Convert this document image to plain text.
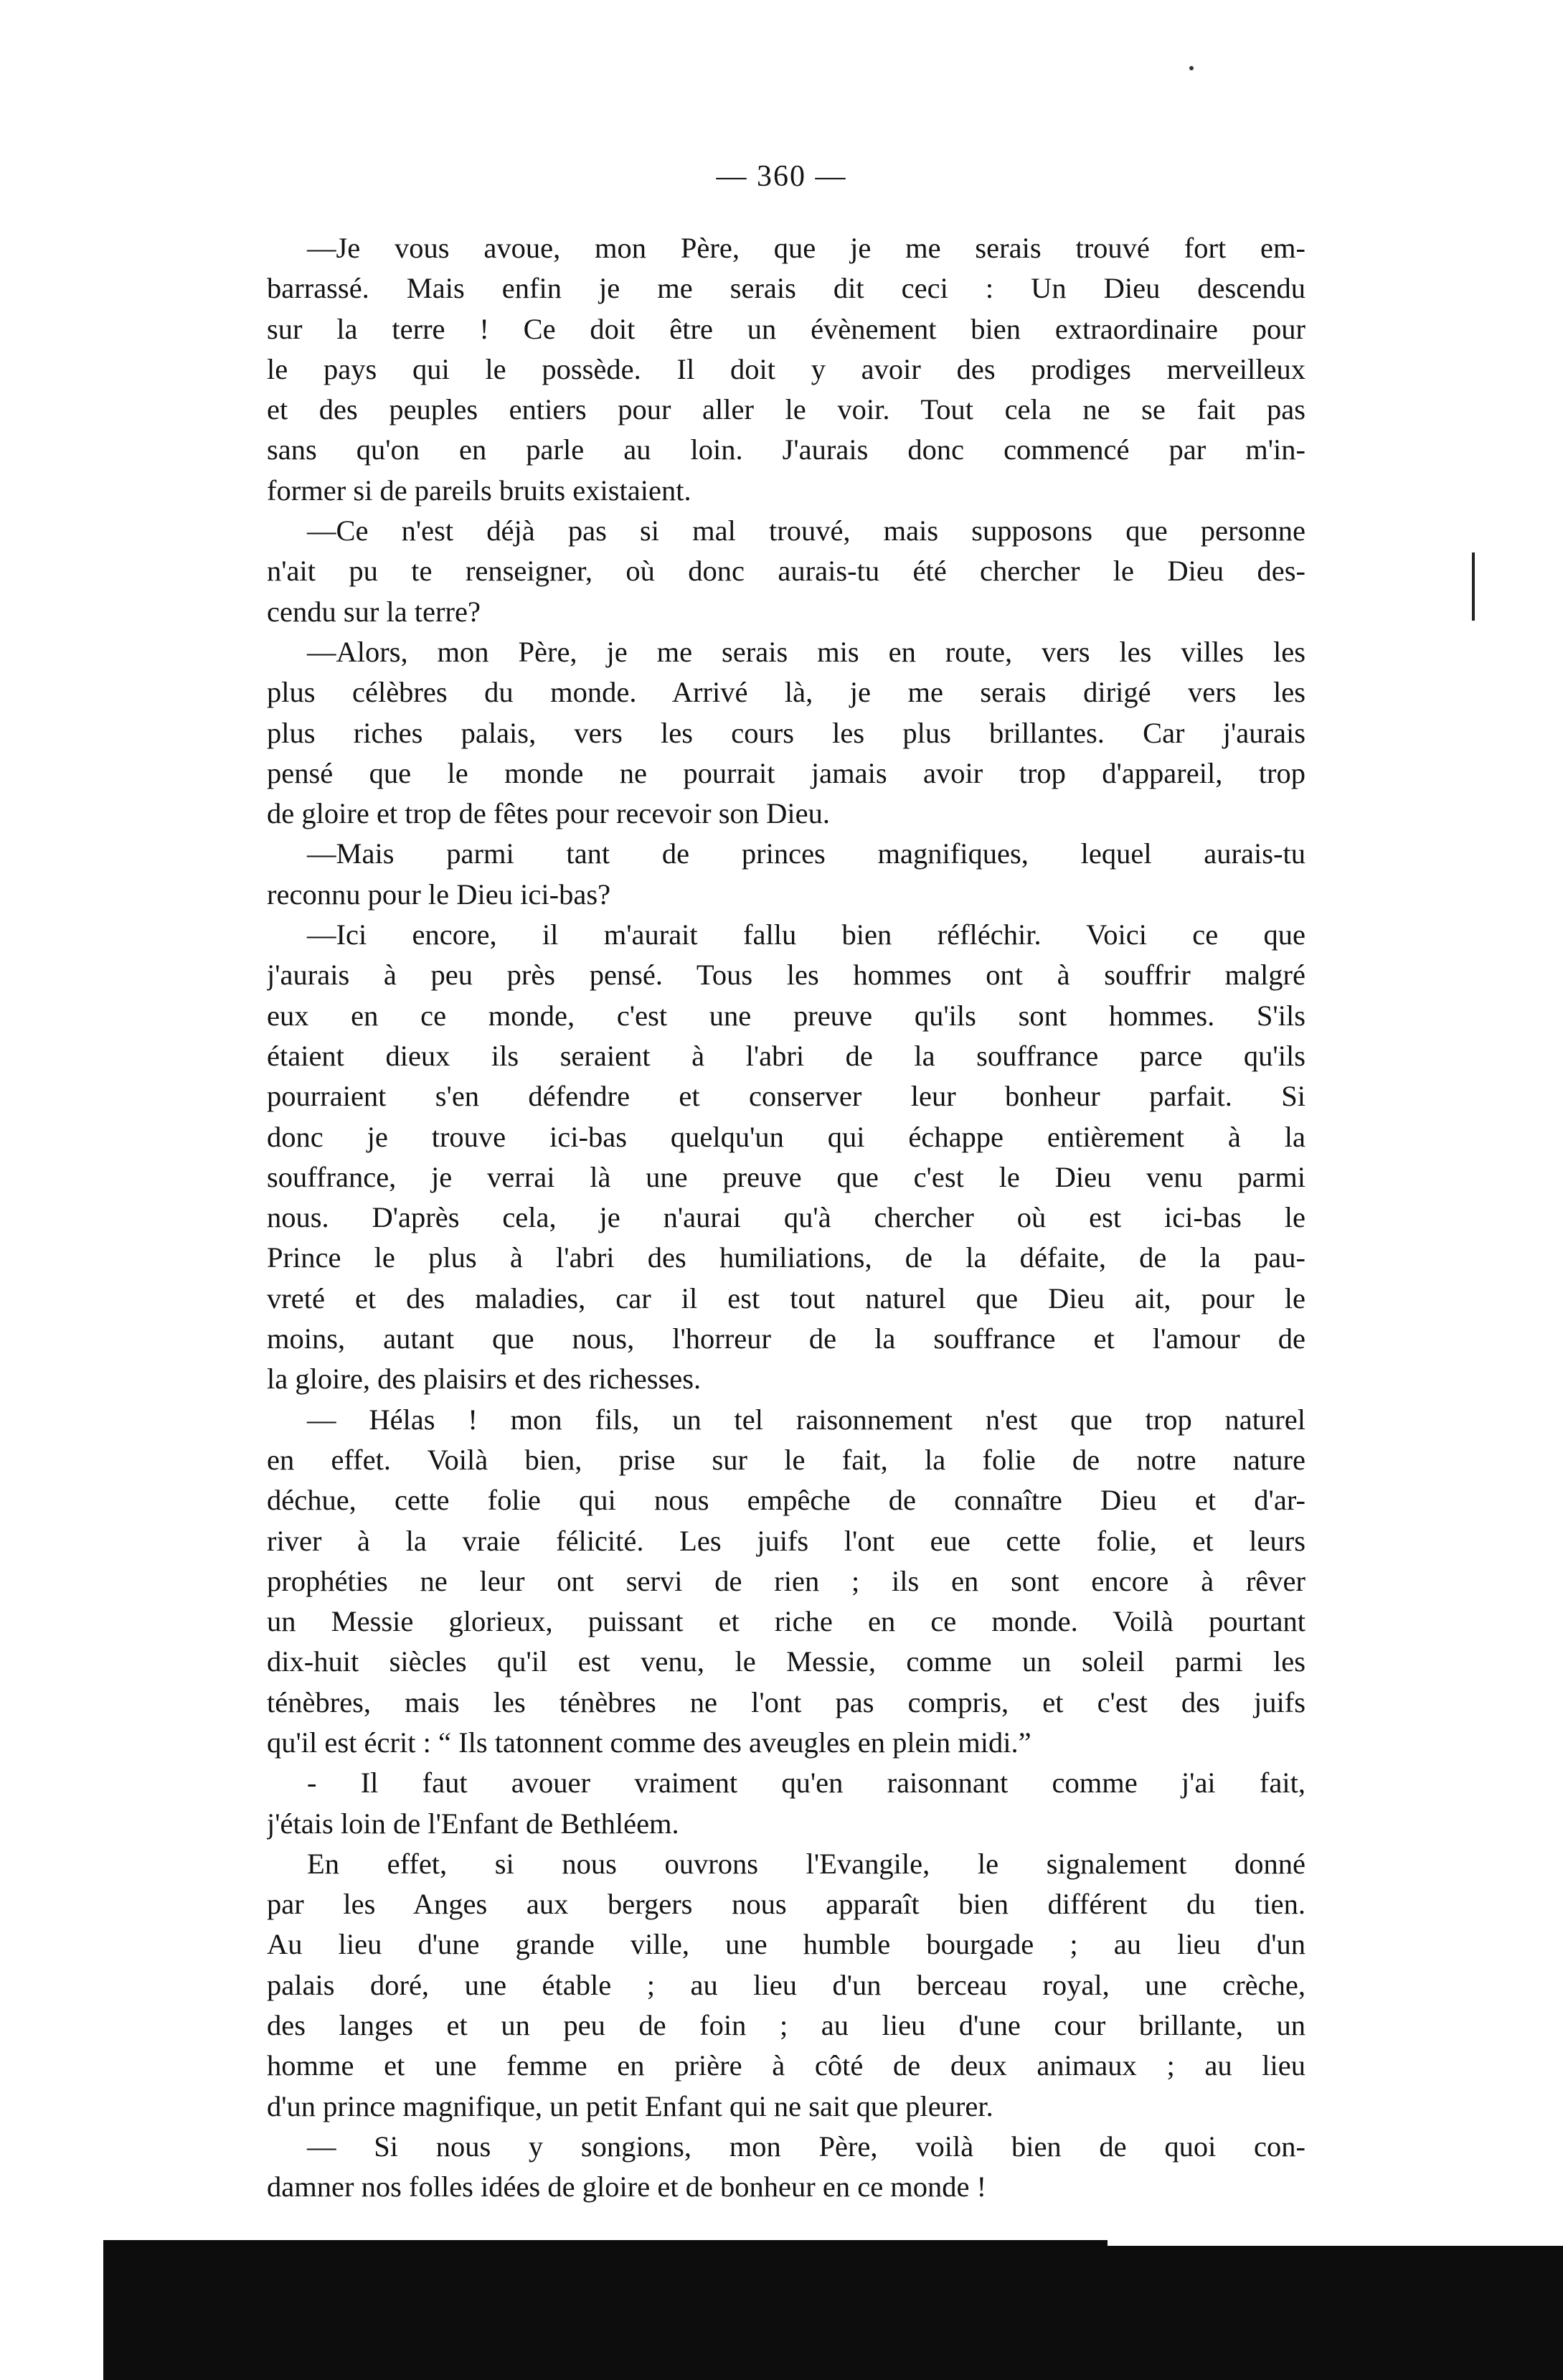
— 360 —
—Je vous avoue, mon Père, que je me serais trouvé fort em-
barrassé. Mais enfin je me serais dit ceci : Un Dieu descendu
sur la terre ! Ce doit être un évènement bien extraordinaire pour
le pays qui le possède. Il doit y avoir des prodiges merveilleux
et des peuples entiers pour aller le voir. Tout cela ne se fait pas
sans qu'on en parle au loin. J'aurais donc commencé par m'in-
former si de pareils bruits existaient.
—Ce n'est déjà pas si mal trouvé, mais supposons que personne
n'ait pu te renseigner, où donc aurais-tu été chercher le Dieu des-
cendu sur la terre?
—Alors, mon Père, je me serais mis en route, vers les villes les
plus célèbres du monde. Arrivé là, je me serais dirigé vers les
plus riches palais, vers les cours les plus brillantes. Car j'aurais
pensé que le monde ne pourrait jamais avoir trop d'appareil, trop
de gloire et trop de fêtes pour recevoir son Dieu.
—Mais parmi tant de princes magnifiques, lequel aurais-tu
reconnu pour le Dieu ici-bas?
—Ici encore, il m'aurait fallu bien réfléchir. Voici ce que
j'aurais à peu près pensé. Tous les hommes ont à souffrir malgré
eux en ce monde, c'est une preuve qu'ils sont hommes. S'ils
étaient dieux ils seraient à l'abri de la souffrance parce qu'ils
pourraient s'en défendre et conserver leur bonheur parfait. Si
donc je trouve ici-bas quelqu'un qui échappe entièrement à la
souffrance, je verrai là une preuve que c'est le Dieu venu parmi
nous. D'après cela, je n'aurai qu'à chercher où est ici-bas le
Prince le plus à l'abri des humiliations, de la défaite, de la pau-
vreté et des maladies, car il est tout naturel que Dieu ait, pour le
moins, autant que nous, l'horreur de la souffrance et l'amour de
la gloire, des plaisirs et des richesses.
— Hélas ! mon fils, un tel raisonnement n'est que trop naturel
en effet. Voilà bien, prise sur le fait, la folie de notre nature
déchue, cette folie qui nous empêche de connaître Dieu et d'ar-
river à la vraie félicité. Les juifs l'ont eue cette folie, et leurs
prophéties ne leur ont servi de rien ; ils en sont encore à rêver
un Messie glorieux, puissant et riche en ce monde. Voilà pourtant
dix-huit siècles qu'il est venu, le Messie, comme un soleil parmi les
ténèbres, mais les ténèbres ne l'ont pas compris, et c'est des juifs
qu'il est écrit : “ Ils tatonnent comme des aveugles en plein midi.”
- Il faut avouer vraiment qu'en raisonnant comme j'ai fait,
j'étais loin de l'Enfant de Bethléem.
En effet, si nous ouvrons l'Evangile, le signalement donné
par les Anges aux bergers nous apparaît bien différent du tien.
Au lieu d'une grande ville, une humble bourgade ; au lieu d'un
palais doré, une étable ; au lieu d'un berceau royal, une crèche,
des langes et un peu de foin ; au lieu d'une cour brillante, un
homme et une femme en prière à côté de deux animaux ; au lieu
d'un prince magnifique, un petit Enfant qui ne sait que pleurer.
— Si nous y songions, mon Père, voilà bien de quoi con-
damner nos folles idées de gloire et de bonheur en ce monde !
